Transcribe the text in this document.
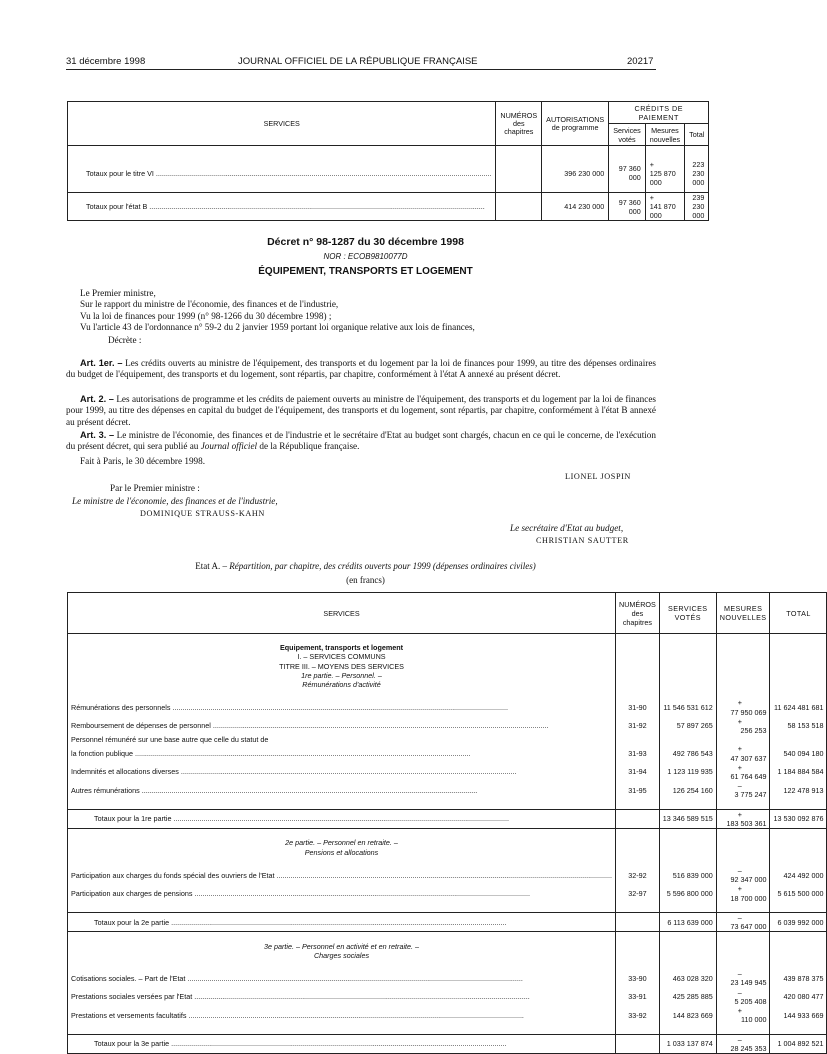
31 décembre 1998	JOURNAL OFFICIEL DE LA RÉPUBLIQUE FRANÇAISE	20217
SERVICES	NUMÉROS des chapitres	AUTORISATIONS de programme	CRÉDITS DE PAIEMENT		
			Services votés	Mesures nouvelles	Total

Totaux pour le titre VI .....		396 230 000	97 360 000	+
125 870 000	223 230 000

Totaux pour l'état B .....		414 230 000	97 360 000	+
141 870 000	239 230 000
Décret n° 98-1287 du 30 décembre 1998
NOR : ECOB9810077D
ÉQUIPEMENT, TRANSPORTS ET LOGEMENT
Le Premier ministre,
Sur le rapport du ministre de l'économie, des finances et de l'industrie,
Vu la loi de finances pour 1999 (n° 98-1266 du 30 décembre 1998) ;
Vu l'article 43 de l'ordonnance n° 59-2 du 2 janvier 1959 portant loi organique relative aux lois de finances,
Décrète :
Art. 1er. – Les crédits ouverts au ministre de l'équipement, des transports et du logement par la loi de finances pour 1999, au titre des dépenses ordinaires du budget de l'équipement, des transports et du logement, sont répartis, par chapitre, conformément à l'état A annexé au présent décret.
Art. 2. – Les autorisations de programme et les crédits de paiement ouverts au ministre de l'équipement, des transports et du logement par la loi de finances pour 1999, au titre des dépenses en capital du budget de l'équipement, des transports et du logement, sont répartis, par chapitre, conformément à l'état B annexé au présent décret.
Art. 3. – Le ministre de l'économie, des finances et de l'industrie et le secrétaire d'Etat au budget sont chargés, chacun en ce qui le concerne, de l'exécution du présent décret, qui sera publié au Journal officiel de la République française.
Fait à Paris, le 30 décembre 1998.
LIONEL JOSPIN
Par le Premier ministre :
Le ministre de l'économie, des finances et de l'industrie,
DOMINIQUE STRAUSS-KAHN
Le secrétaire d'Etat au budget,
CHRISTIAN SAUTTER
Etat A. – Répartition, par chapitre, des crédits ouverts pour 1999 (dépenses ordinaires civiles)
(en francs)
SERVICES	NUMÉROS des chapitres	SERVICES VOTÉS	MESURES NOUVELLES	TOTAL

Equipement, transports et logement				
I. – SERVICES COMMUNS				
TITRE III. – MOYENS DES SERVICES				
1re partie. – Personnel. –				
Rémunérations d'activité				

Rémunérations des personnels .....	31-90	11 546 531 612	+
77 950 069	11 624 481 681

Remboursement de dépenses de personnel .....	31-92	57 897 265	+
256 253	58 153 518
Personnel rémunéré sur une base autre que celle du statut de				

la fonction publique .....	31-93	492 786 543	+
47 307 637	540 094 180

Indemnités et allocations diverses .....	31-94	1 123 119 935	+
61 764 649	1 184 884 584

Autres rémunérations .....	31-95	126 254 160	–
3 775 247	122 478 913

Totaux pour la 1re partie .....		13 346 589 515	+
183 503 361	13 530 092 876

2e partie. – Personnel en retraite. –				
Pensions et allocations				

Participation aux charges du fonds spécial des ouvriers de l'Etat .....	32-92	516 839 000	–
92 347 000	424 492 000

Participation aux charges de pensions .....	32-97	5 596 800 000	+
18 700 000	5 615 500 000

Totaux pour la 2e partie .....		6 113 639 000	–
73 647 000	6 039 992 000

3e partie. – Personnel en activité et en retraite. –				
Charges sociales				

Cotisations sociales. – Part de l'Etat .....	33-90	463 028 320	–
23 149 945	439 878 375

Prestations sociales versées par l'Etat .....	33-91	425 285 885	–
5 205 408	420 080 477

Prestations et versements facultatifs .....	33-92	144 823 669	+
110 000	144 933 669

Totaux pour la 3e partie .....		1 033 137 874	–
28 245 353	1 004 892 521
